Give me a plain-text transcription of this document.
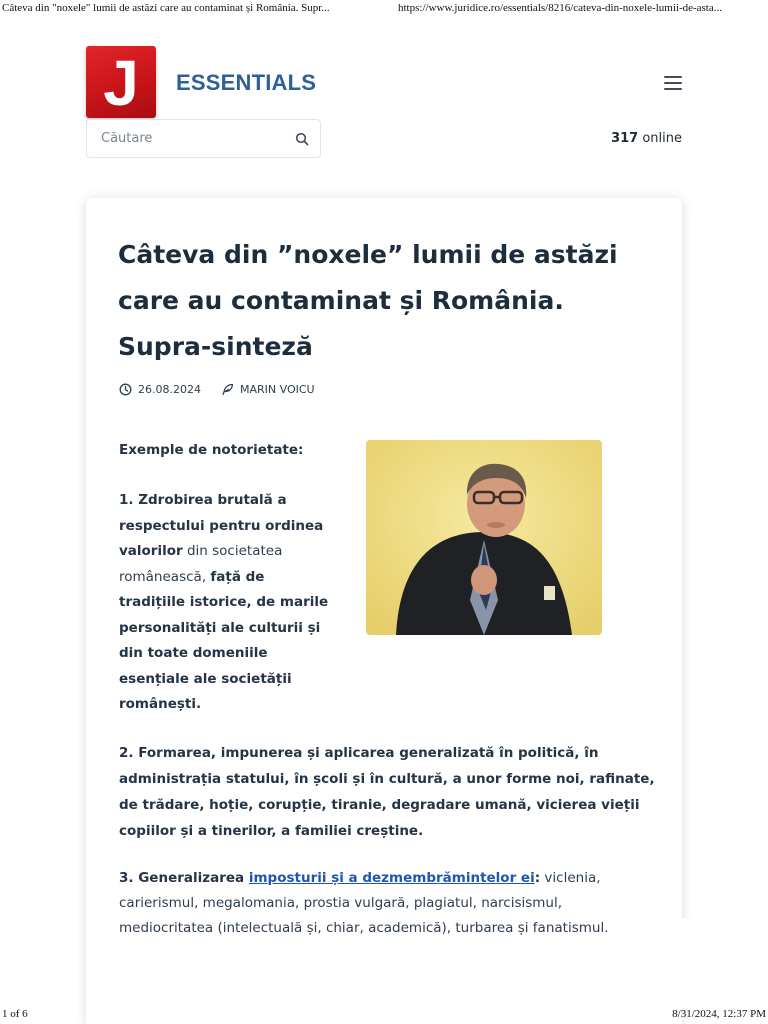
Câteva din "noxele" lumii de astăzi care au contaminat și România. Supr...	https://www.juridice.ro/essentials/8216/cateva-din-noxele-lumii-de-asta...
J ESSENTIALS
Căutare
317 online
Câteva din ”noxele” lumii de astăzi care au contaminat și România. Supra-sinteză
26.08.2024	MARIN VOICU

Exemple de notorietate:

1. Zdrobirea brutală a respectului pentru ordinea valorilor din societatea românească, față de tradițiile istorice, de marile personalități ale culturii și din toate domeniile esențiale ale societății românești.

2. Formarea, impunerea și aplicarea generalizată în politică, în administrația statului, în școli și în cultură, a unor forme noi, rafinate, de trădare, hoție, corupție, tiranie, degradare umană, vicierea vieții copiilor și a tinerilor, a familiei creștine.

3. Generalizarea imposturii și a dezmembrămintelor ei: viclenia, carierismul, megalomania, prostia vulgară, plagiatul, narcisismul, mediocritatea (intelectuală și, chiar, academică), turbarea și fanatismul.

1 of 6	8/31/2024, 12:37 PM
